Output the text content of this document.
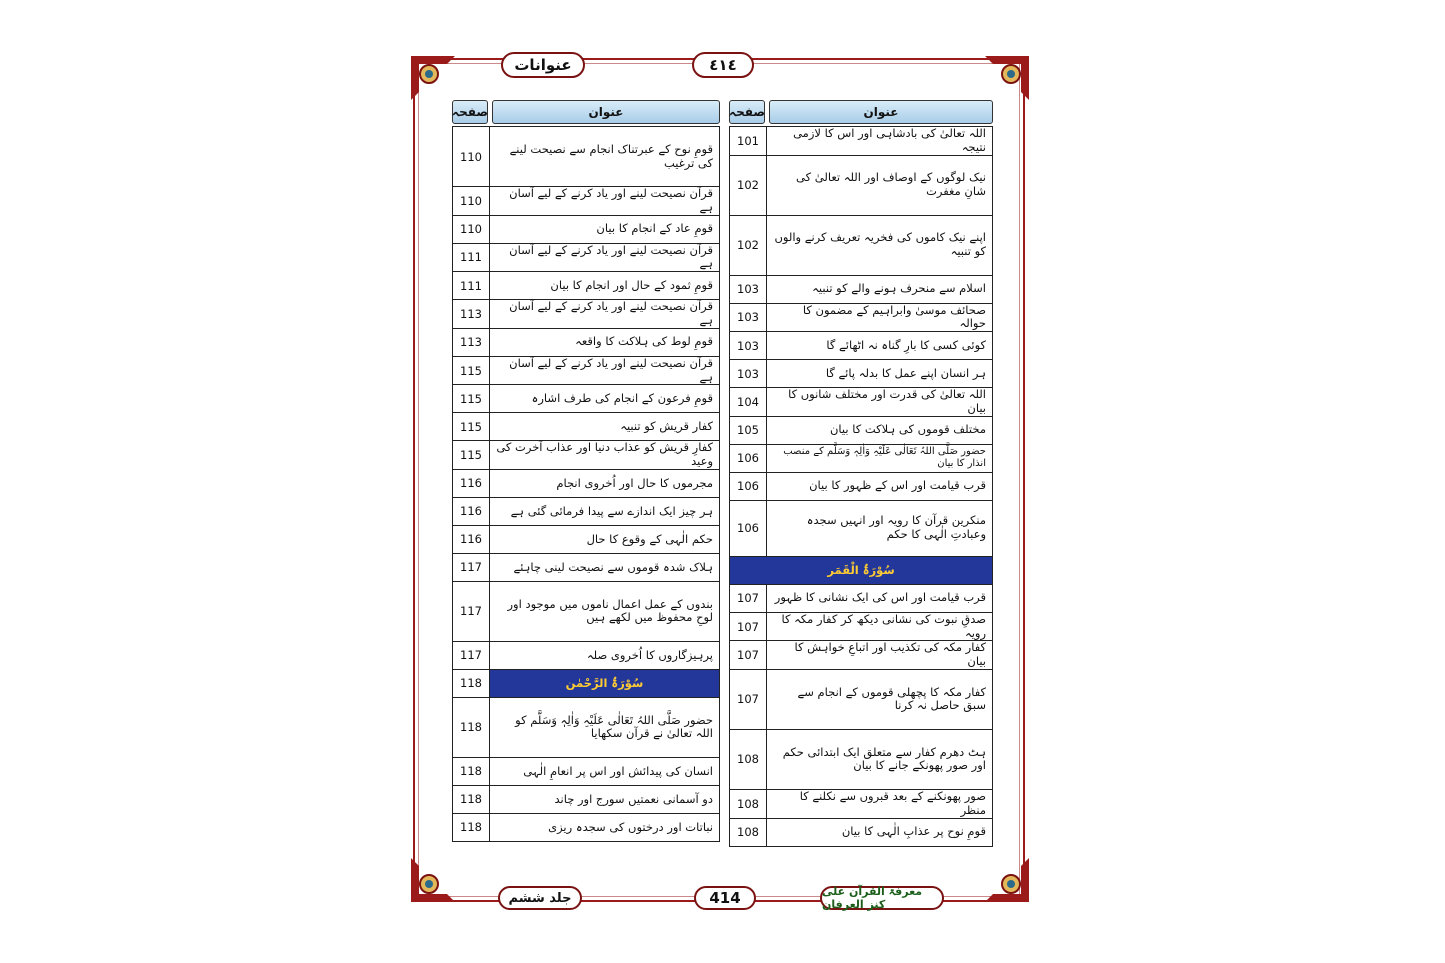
عنوانات	٤١٤
صفحہ	عنوان
110	قومِ نوح کے عبرتناک انجام سے نصیحت لینے کی ترغیب
110	قرآن نصیحت لینے اور یاد کرنے کے لیے آسان ہے
110	قومِ عاد کے انجام کا بیان
111	قرآن نصیحت لینے اور یاد کرنے کے لیے آسان ہے
111	قومِ ثمود کے حال اور انجام کا بیان
113	قرآن نصیحت لینے اور یاد کرنے کے لیے آسان ہے
113	قومِ لوط کی ہلاکت کا واقعہ
115	قرآن نصیحت لینے اور یاد کرنے کے لیے آسان ہے
115	قومِ فرعون کے انجام کی طرف اشارہ
115	کفار قریش کو تنبیہ
115	کفارِ قریش کو عذاب دنیا اور عذاب آخرت کی وعید
116	مجرموں کا حال اور اُخروی انجام
116	ہر چیز ایک اندازے سے پیدا فرمائی گئی ہے
116	حکم الٰہی کے وقوع کا حال
117	ہلاک شدہ قوموں سے نصیحت لینی چاہئے
117	بندوں کے عمل اعمال ناموں میں موجود اور لوحِ محفوظ میں لکھے ہیں
117	پرہیزگاروں کا اُخروی صلہ
118	سُوْرَۃُ الرَّحْمٰن
118	حضور صَلَّی اللہُ تَعَالٰی عَلَیْہِ وَاٰلِہٖ وَسَلَّم کو اللہ تعالیٰ نے قرآن سکھایا
118	انسان کی پیدائش اور اس پر انعامِ الٰہی
118	دو آسمانی نعمتیں سورج اور چاند
118	نباتات اور درختوں کی سجدہ ریزی
صفحہ	عنوان
101	اللہ تعالیٰ کی بادشاہی اور اس کا لازمی نتیجہ
102	نیک لوگوں کے اوصاف اور اللہ تعالیٰ کی شانِ مغفرت
102	اپنے نیک کاموں کی فخریہ تعریف کرنے والوں کو تنبیہ
103	اسلام سے منحرف ہونے والے کو تنبیہ
103	صحائف موسیٰ وابراہیم کے مضمون کا حوالہ
103	کوئی کسی کا بارِ گناہ نہ اٹھائے گا
103	ہر انسان اپنے عمل کا بدلہ پائے گا
104	اللہ تعالیٰ کی قدرت اور مختلف شانوں کا بیان
105	مختلف قوموں کی ہلاکت کا بیان
106	حضور صَلَّی اللہُ تَعَالٰی عَلَیْہِ وَاٰلِہٖ وَسَلَّم کے منصب انذار کا بیان
106	قرب قیامت اور اس کے ظہور کا بیان
106	منکرین قرآن کا رویہ اور انہیں سجدہ وعبادتِ الٰہی کا حکم
سُوْرَۃُ الْقَمَر	
107	قرب قیامت اور اس کی ایک نشانی کا ظہور
107	صدقِ نبوت کی نشانی دیکھ کر کفار مکہ کا رویہ
107	کفار مکہ کی تکذیب اور اتباعِ خواہش کا بیان
107	کفار مکہ کا پچھلی قوموں کے انجام سے سبق حاصل نہ کرنا
108	ہٹ دھرم کفار سے متعلق ایک ابتدائی حکم اور صور پھونکے جانے کا بیان
108	صور پھونکنے کے بعد قبروں سے نکلنے کا منظر
108	قومِ نوح پر عذابِ الٰہی کا بیان
جلد ششم	414	معرفۃ القرآن علی کنز العرفان
